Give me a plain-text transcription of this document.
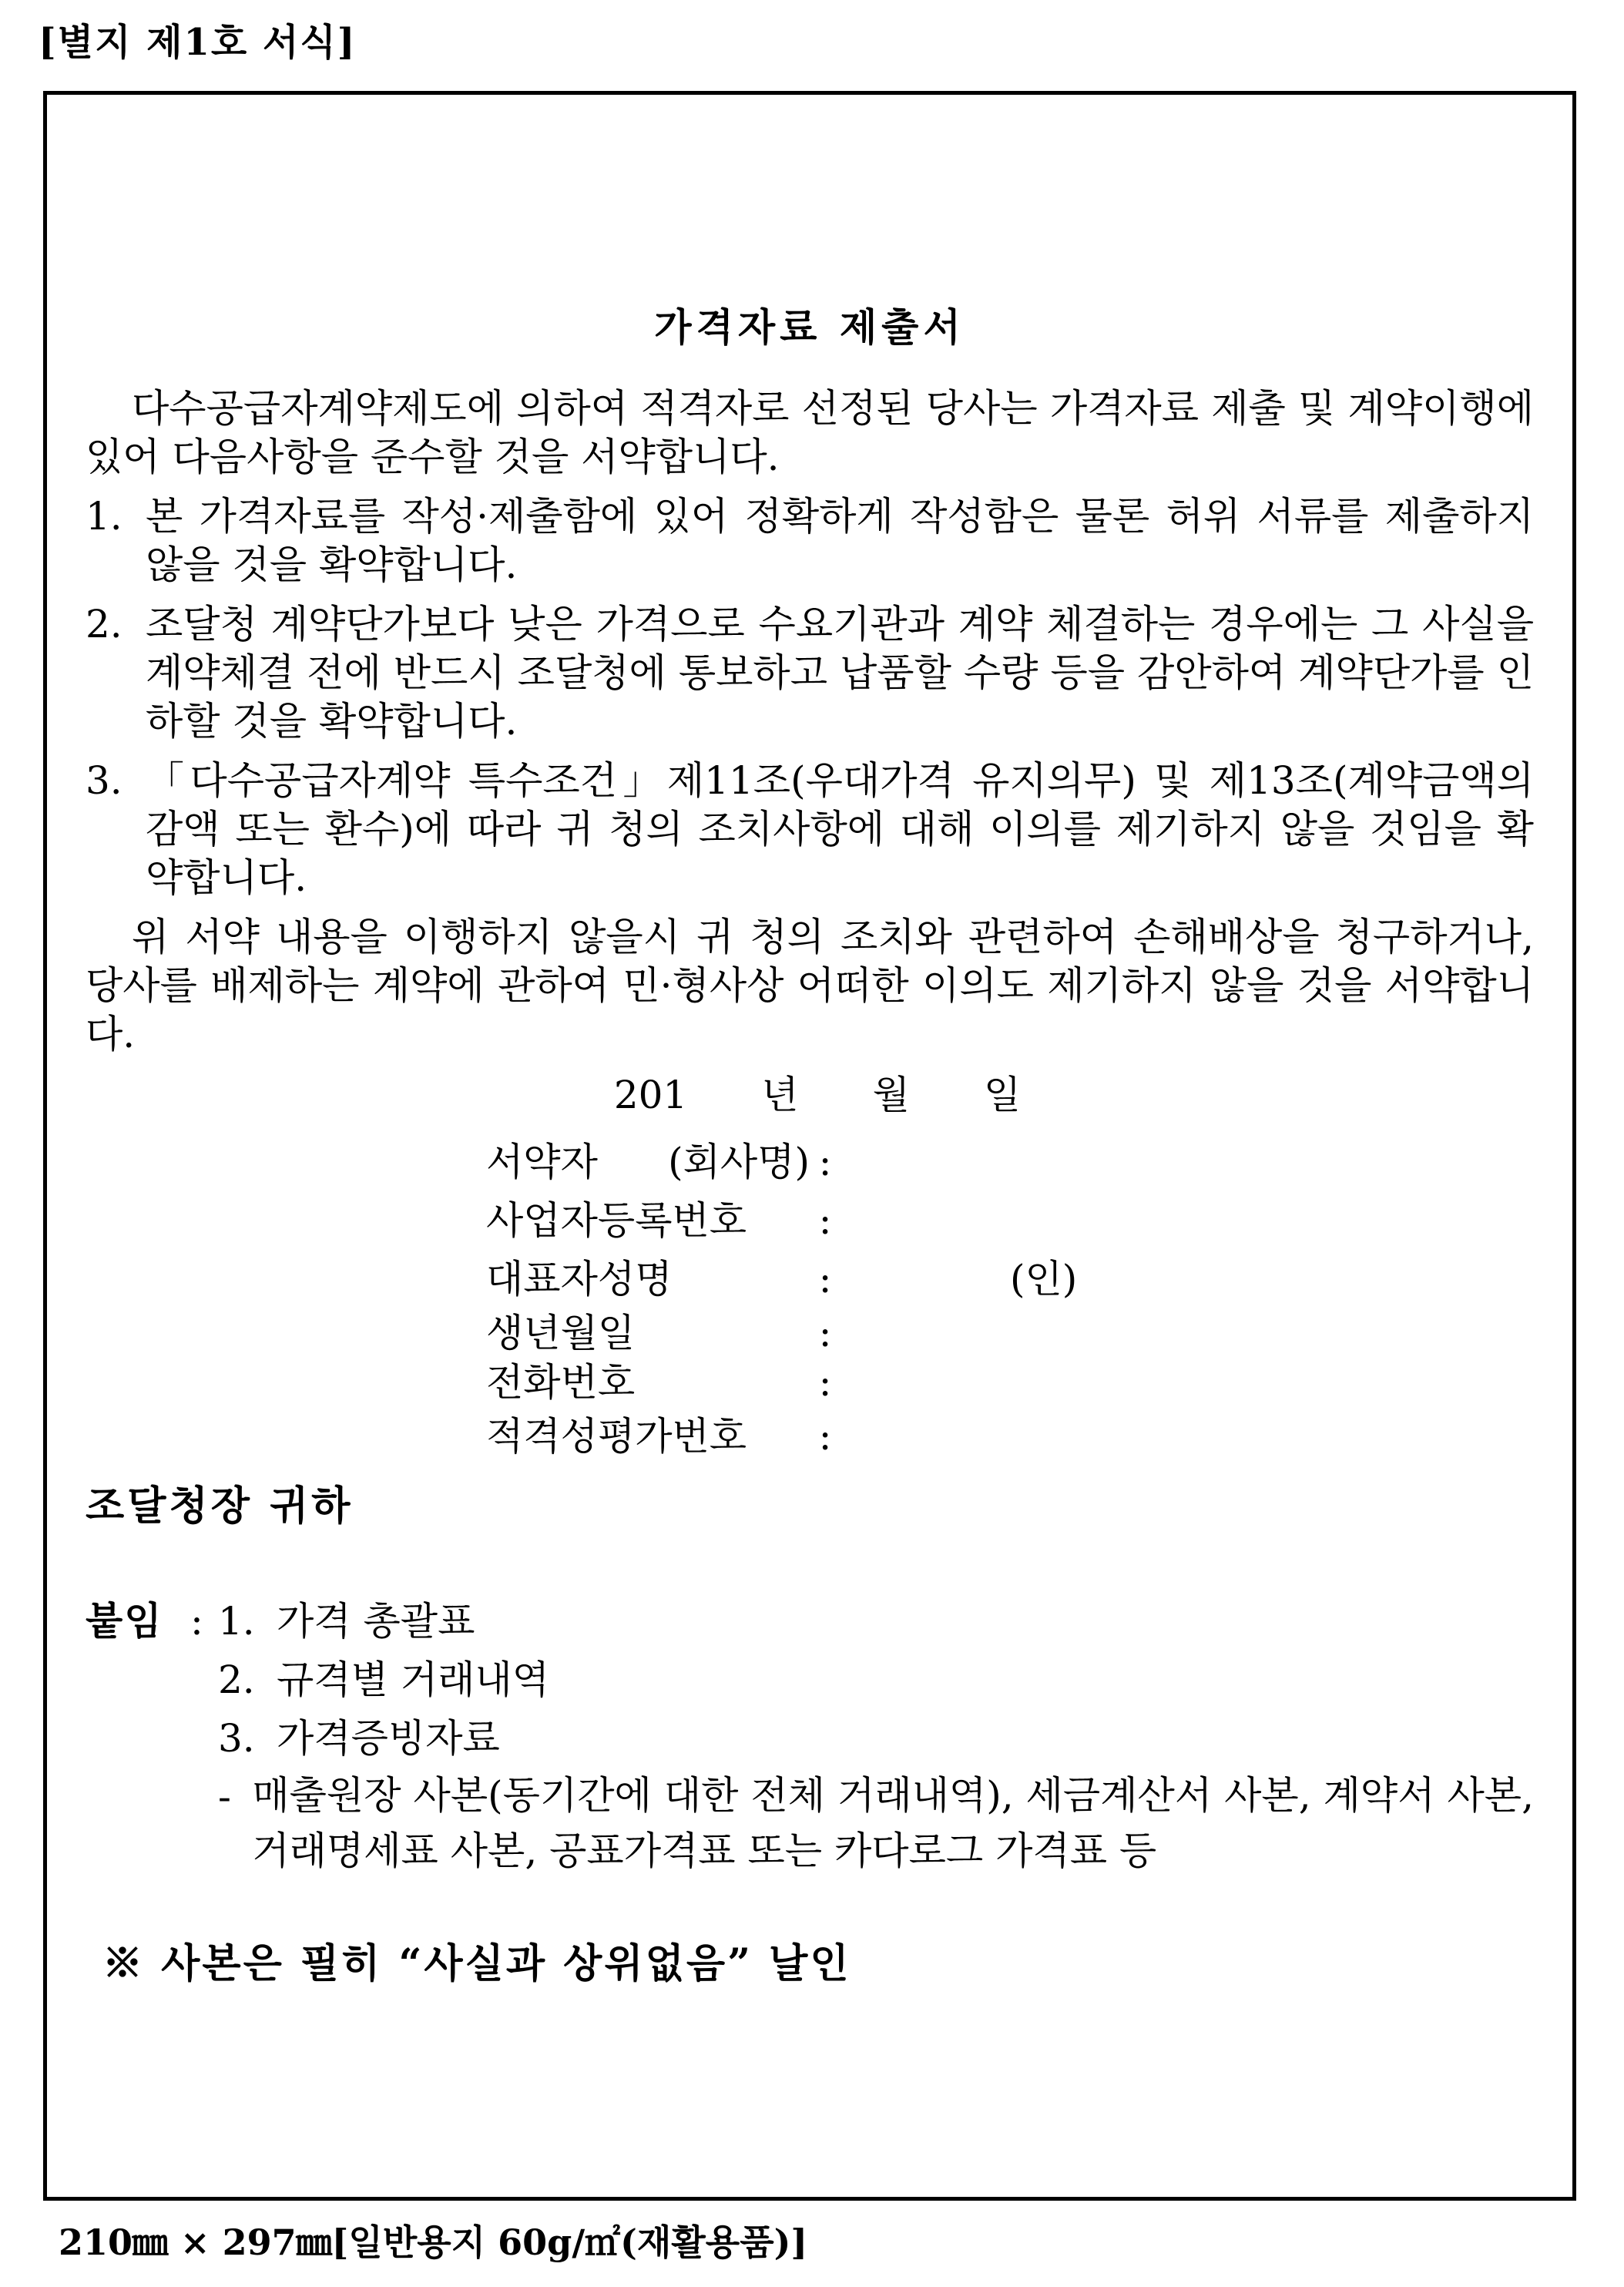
[별지 제1호 서식]
가격자료 제출서

다수공급자계약제도에 의하여 적격자로 선정된 당사는 가격자료 제출 및 계약이행에 있어 다음사항을 준수할 것을 서약합니다.

1. 본 가격자료를 작성·제출함에 있어 정확하게 작성함은 물론 허위 서류를 제출하지 않을 것을 확약합니다.
2. 조달청 계약단가보다 낮은 가격으로 수요기관과 계약 체결하는 경우에는 그 사실을 계약체결 전에 반드시 조달청에 통보하고 납품할 수량 등을 감안하여 계약단가를 인하할 것을 확약합니다.
3. 「다수공급자계약 특수조건」제11조(우대가격 유지의무) 및 제13조(계약금액의 감액 또는 환수)에 따라 귀 청의 조치사항에 대해 이의를 제기하지 않을 것임을 확약합니다.

위 서약 내용을 이행하지 않을시 귀 청의 조치와 관련하여 손해배상을 청구하거나, 당사를 배제하는 계약에 관하여 민·형사상 어떠한 이의도 제기하지 않을 것을 서약합니다.

201 년 월 일
서약자 (회사명) :
사업자등록번호	:
대표자성명	:	(인)
생년월일	:
전화번호	:
적격성평가번호	:
조달청장 귀하
붙임 : 1. 가격 총괄표
2. 규격별 거래내역
3. 가격증빙자료
- 매출원장 사본(동기간에 대한 전체 거래내역), 세금계산서 사본, 계약서 사본, 거래명세표 사본, 공표가격표 또는 카다로그 가격표 등
※ 사본은 필히 “사실과 상위없음” 날인
210㎜ × 297㎜[일반용지 60g/㎡(재활용품)]
